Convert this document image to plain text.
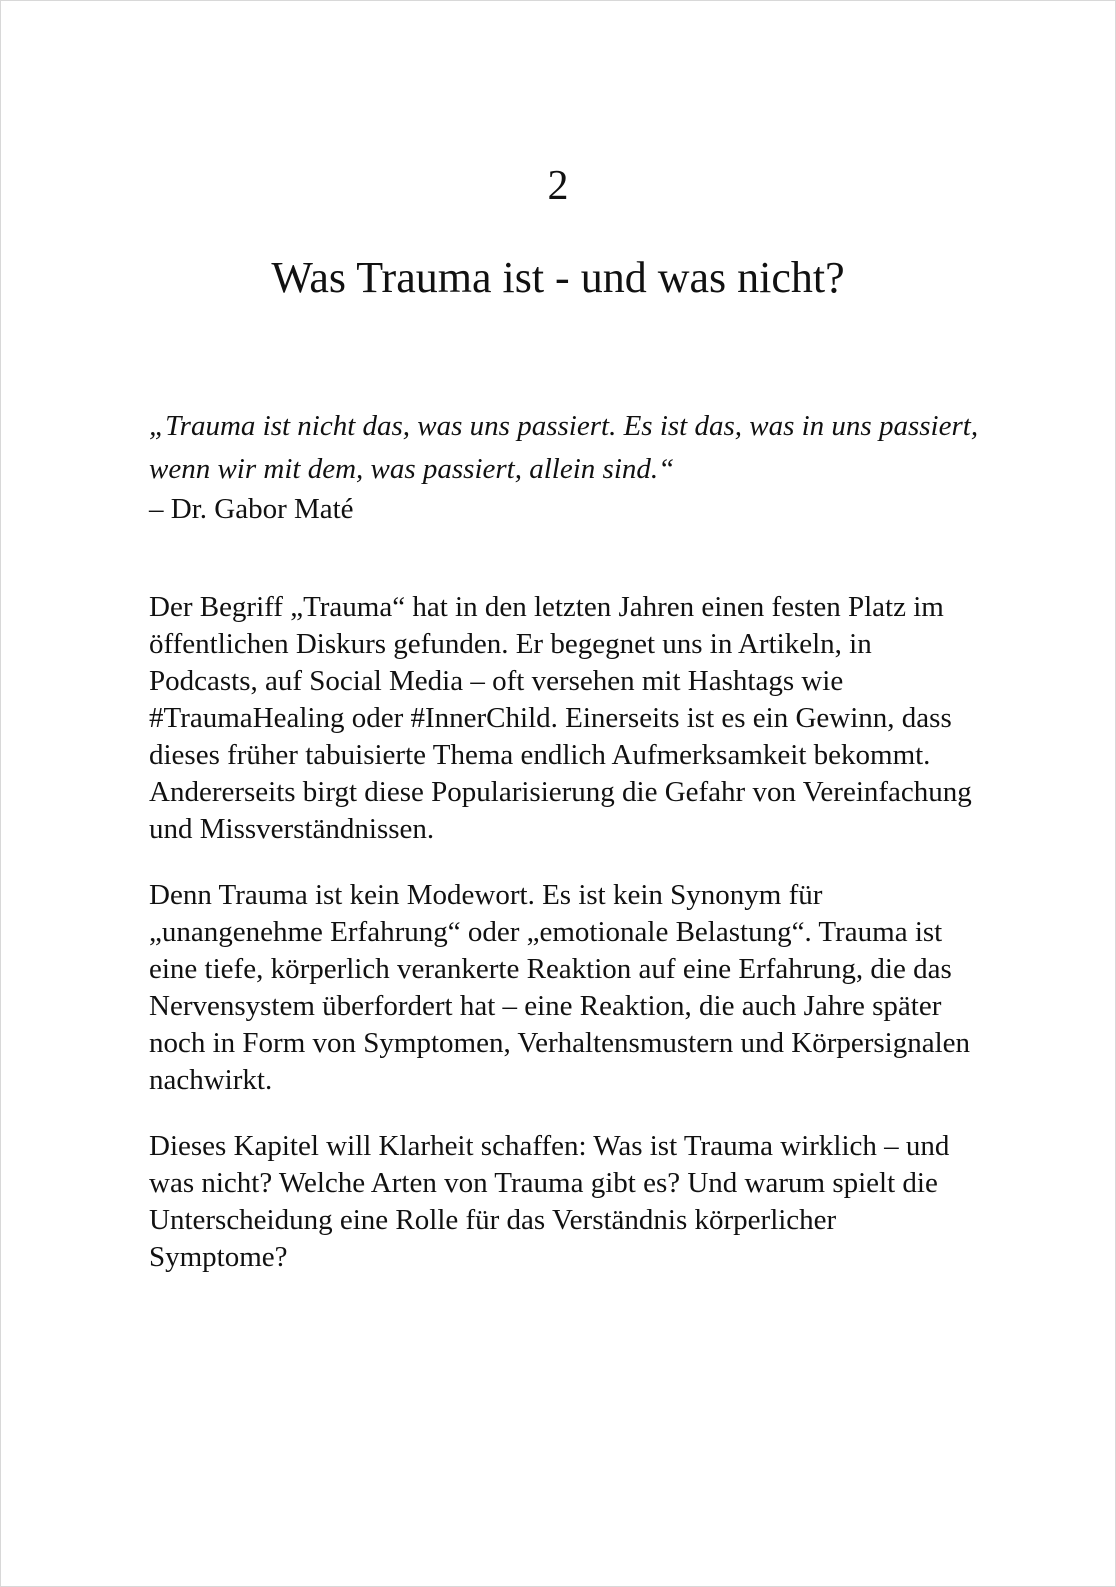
2
Was Trauma ist - und was nicht?
„Trauma ist nicht das, was uns passiert. Es ist das, was in uns passiert, wenn wir mit dem, was passiert, allein sind.“
– Dr. Gabor Maté

Der Begriff „Trauma“ hat in den letzten Jahren einen festen Platz im öffentlichen Diskurs gefunden. Er begegnet uns in Artikeln, in Podcasts, auf Social Media – oft versehen mit Hashtags wie #TraumaHealing oder #InnerChild. Einerseits ist es ein Gewinn, dass dieses früher tabuisierte Thema endlich Aufmerksamkeit bekommt. Andererseits birgt diese Popularisierung die Gefahr von Vereinfachung und Missverständnissen.

Denn Trauma ist kein Modewort. Es ist kein Synonym für „unangenehme Erfahrung“ oder „emotionale Belastung“. Trauma ist eine tiefe, körperlich verankerte Reaktion auf eine Erfahrung, die das Nervensystem überfordert hat – eine Reaktion, die auch Jahre später noch in Form von Symptomen, Verhaltensmustern und Körpersignalen nachwirkt.

Dieses Kapitel will Klarheit schaffen: Was ist Trauma wirklich – und was nicht? Welche Arten von Trauma gibt es? Und warum spielt die Unterscheidung eine Rolle für das Verständnis körperlicher Symptome?
